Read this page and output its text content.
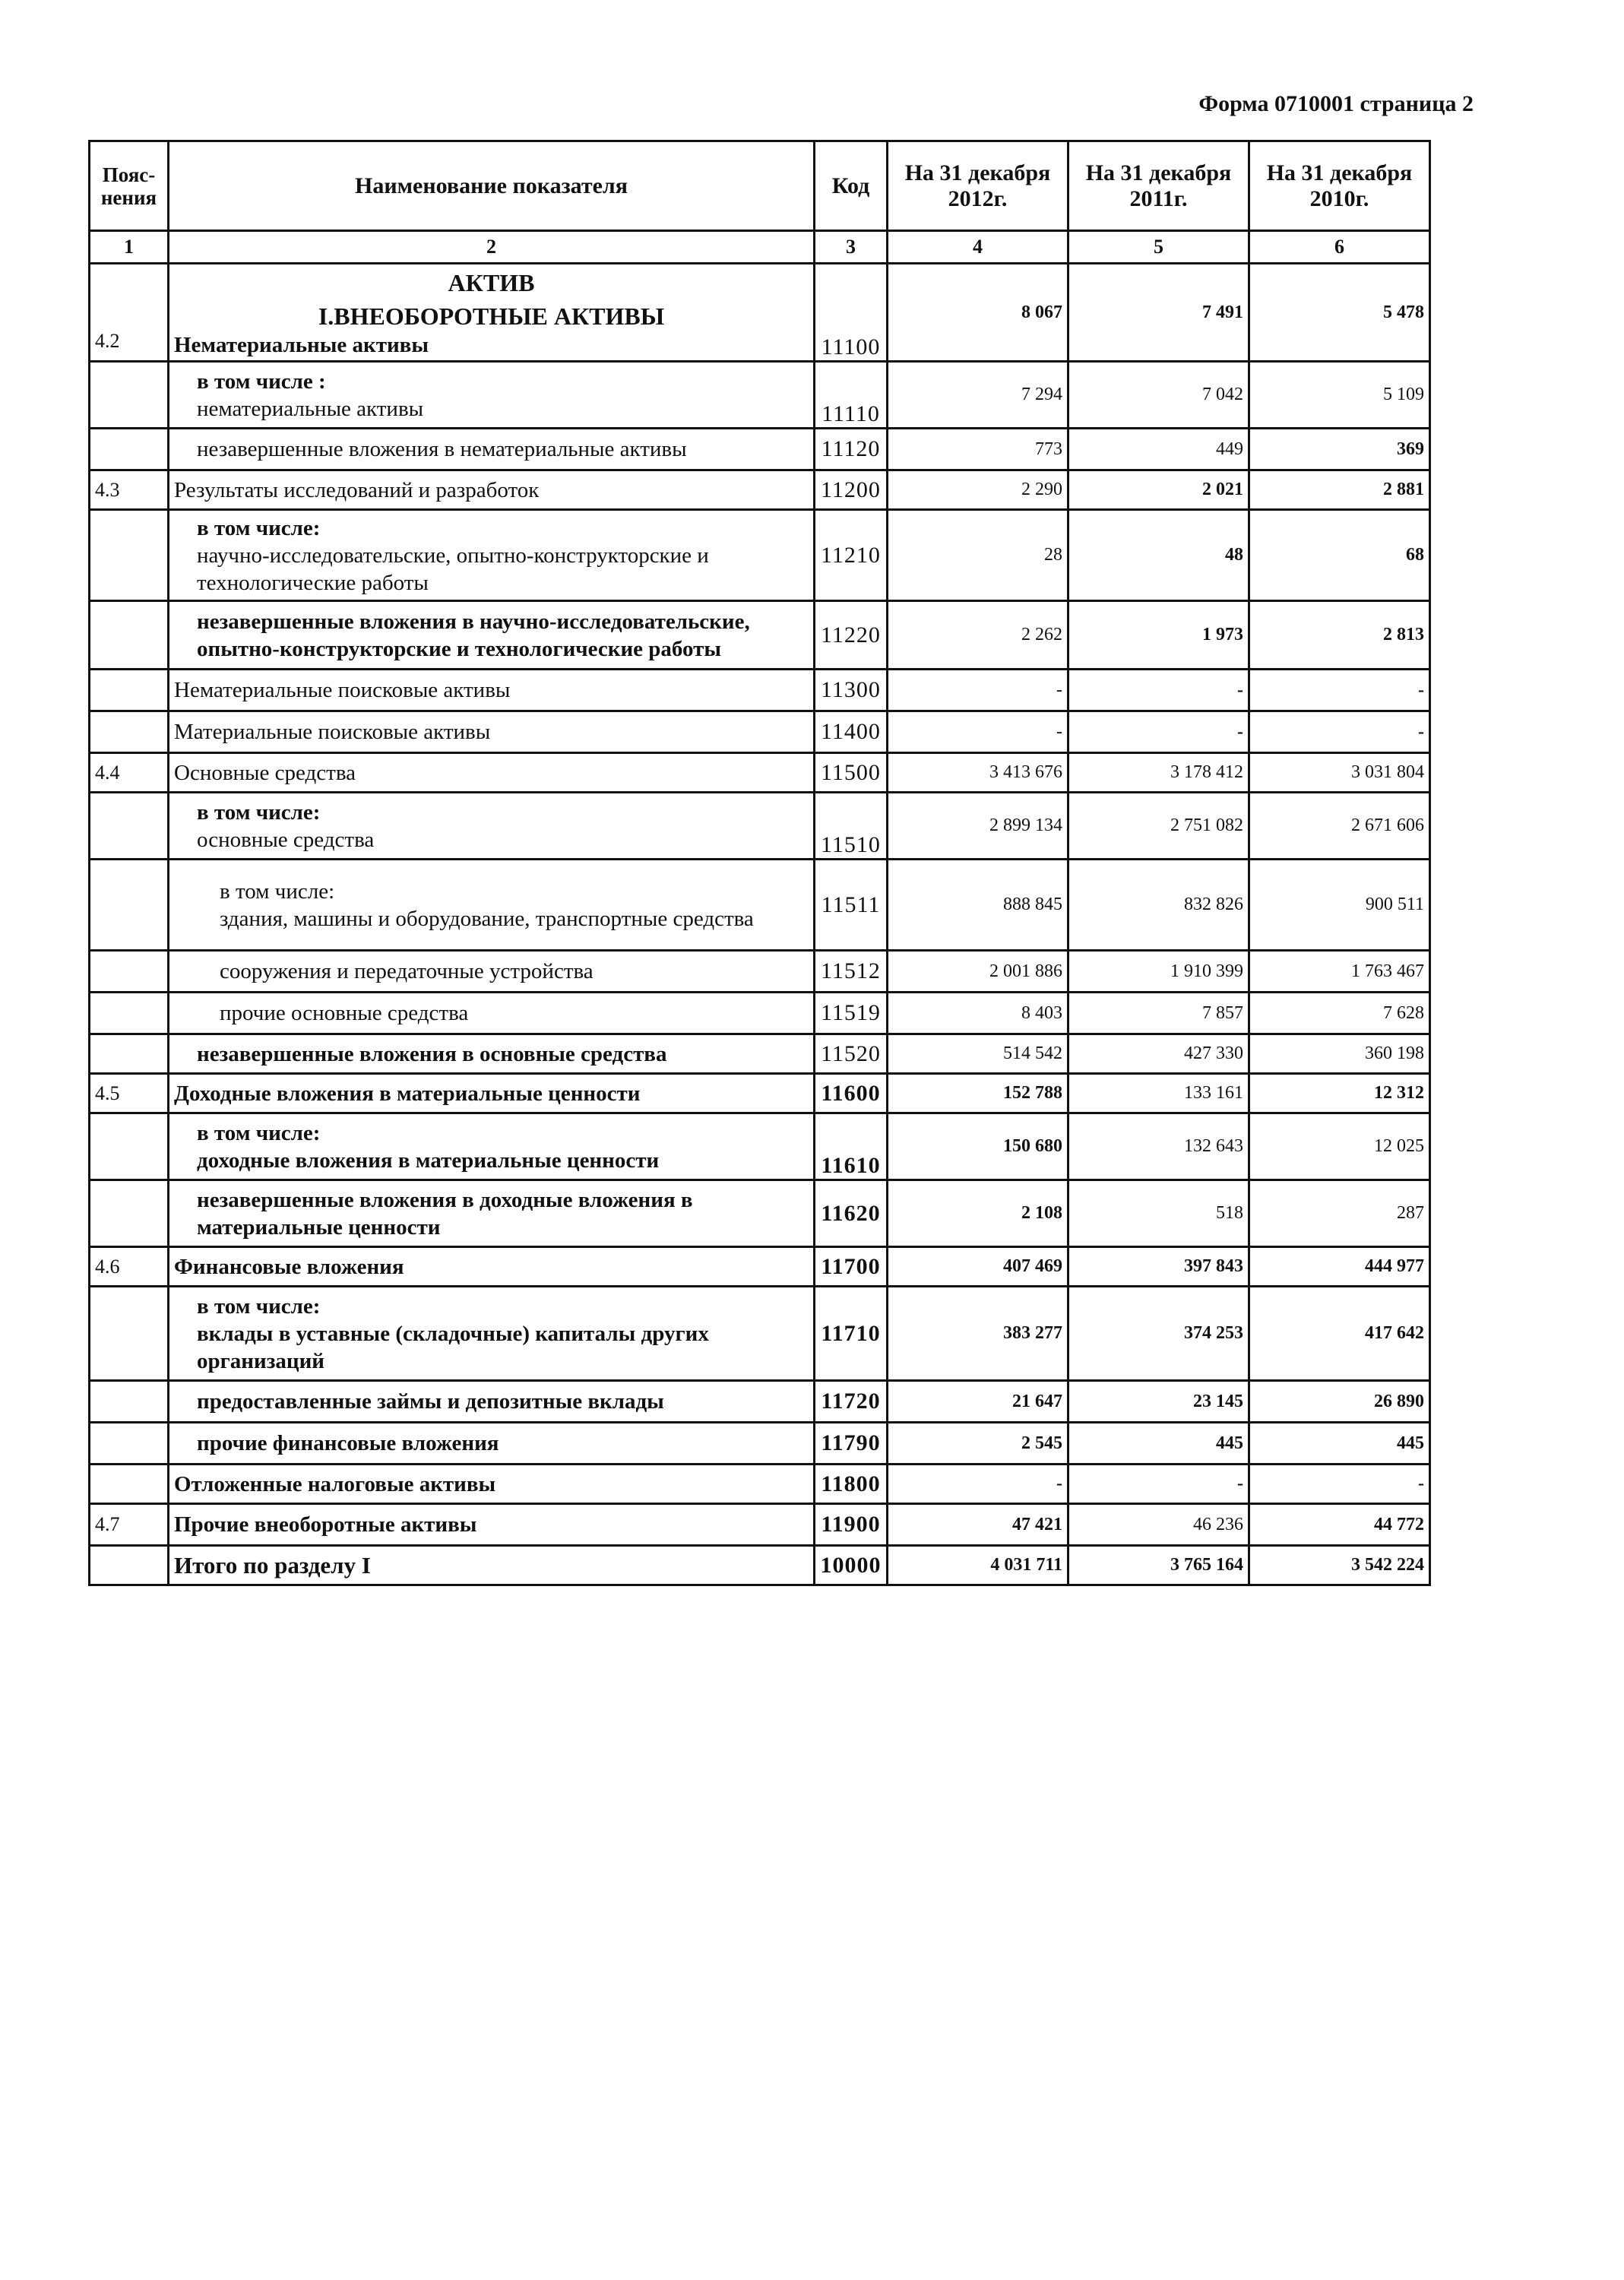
Форма 0710001 страница 2
Пояс-нения	Наименование показателя	Код	На 31 декабря 2012г.	На 31 декабря 2011г.	На 31 декабря 2010г.
1	2	3	4	5	6
4.2	АКТИВ
I.ВНЕОБОРОТНЫЕ АКТИВЫ
Нематериальные активы	11100	8 067	7 491	5 478

	в том числе :
нематериальные активы	11110	7 294	7 042	5 109
	незавершенные вложения в нематериальные активы	11120	773	449	369
4.3	Результаты исследований и разработок	11200	2 290	2 021	2 881

	в том числе:
научно-исследовательские, опытно-конструкторские и технологические работы	11210	28	48	68
	незавершенные вложения в научно-исследовательские, опытно-конструкторские и технологические работы	11220	2 262	1 973	2 813
	Нематериальные поисковые активы	11300	-	-	-
	Материальные поисковые активы	11400	-	-	-
4.4	Основные средства	11500	3 413 676	3 178 412	3 031 804

	в том числе:
основные средства	11510	2 899 134	2 751 082	2 671 606

	в том числе:
здания, машины и оборудование, транспортные средства	11511	888 845	832 826	900 511
	сооружения и передаточные устройства	11512	2 001 886	1 910 399	1 763 467
	прочие основные средства	11519	8 403	7 857	7 628
	незавершенные вложения в основные средства	11520	514 542	427 330	360 198
4.5	Доходные вложения в материальные ценности	11600	152 788	133 161	12 312

	в том числе:
доходные вложения в материальные ценности	11610	150 680	132 643	12 025
	незавершенные вложения в доходные вложения в материальные ценности	11620	2 108	518	287
4.6	Финансовые вложения	11700	407 469	397 843	444 977

	в том числе:
вклады в уставные (складочные) капиталы других организаций	11710	383 277	374 253	417 642
	предоставленные займы и депозитные вклады	11720	21 647	23 145	26 890
	прочие финансовые вложения	11790	2 545	445	445
	Отложенные налоговые активы	11800	-	-	-
4.7	Прочие внеоборотные активы	11900	47 421	46 236	44 772
	Итого по разделу I	10000	4 031 711	3 765 164	3 542 224
